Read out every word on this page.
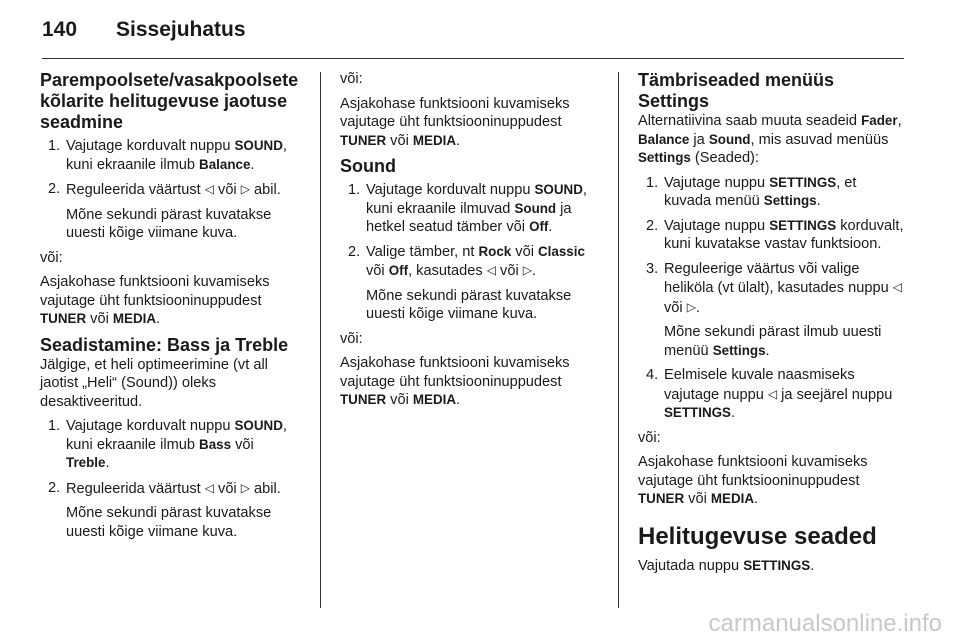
140 Sissejuhatus
Parempoolsete/vasakpoolsete kõlarite helitugevuse jaotuse seadmine
1. Vajutage korduvalt nuppu SOUND, kuni ekraanile ilmub Balance.
2. Reguleerida väärtust ◁ või ▷ abil.

Mõne sekundi pärast kuvatakse uuesti kõige viimane kuva.

või:

Asjakohase funktsiooni kuvamiseks vajutage üht funktsiooninuppudest TUNER või MEDIA.

Seadistamine: Bass ja Treble

Jälgige, et heli optimeerimine (vt all jaotist „Heli“ (Sound)) oleks desaktiveeritud.

1. Vajutage korduvalt nuppu SOUND, kuni ekraanile ilmub Bass või Treble.
2. Reguleerida väärtust ◁ või ▷ abil.

Mõne sekundi pärast kuvatakse uuesti kõige viimane kuva.

või:

Asjakohase funktsiooni kuvamiseks vajutage üht funktsiooninuppudest TUNER või MEDIA.

Sound
1. Vajutage korduvalt nuppu SOUND, kuni ekraanile ilmuvad Sound ja hetkel seatud tämber või Off.
2. Valige tämber, nt Rock või Classic või Off, kasutades ◁ või ▷.

Mõne sekundi pärast kuvatakse uuesti kõige viimane kuva.

või:

Asjakohase funktsiooni kuvamiseks vajutage üht funktsiooninuppudest TUNER või MEDIA.

Tämbriseaded menüüs Settings

Alternatiivina saab muuta seadeid Fader, Balance ja Sound, mis asuvad menüüs Settings (Seaded):

1. Vajutage nuppu SETTINGS, et kuvada menüü Settings.
2. Vajutage nuppu SETTINGS korduvalt, kuni kuvatakse vastav funktsioon.
3. Reguleerige väärtus või valige heliköla (vt ülalt), kasutades nuppu ◁ või ▷.

Mõne sekundi pärast ilmub uuesti menüü Settings.

4. Eelmisele kuvale naasmiseks vajutage nuppu ◁ ja seejärel nuppu SETTINGS.

või:

Asjakohase funktsiooni kuvamiseks vajutage üht funktsiooninuppudest TUNER või MEDIA.

Helitugevuse seaded

Vajutada nuppu SETTINGS.

carmanualsonline.info
